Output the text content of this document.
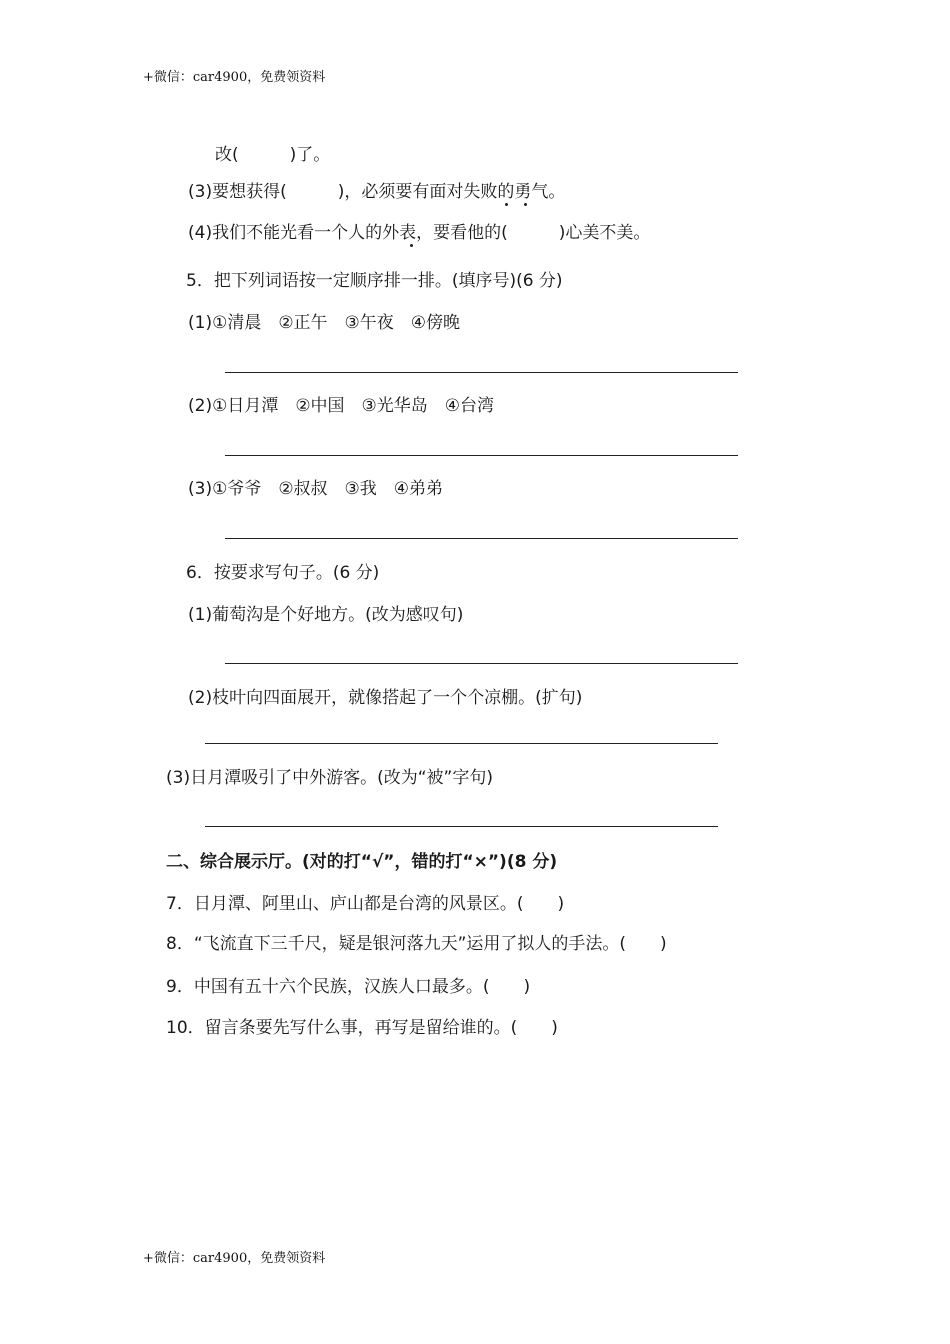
+微信：car4900，免费领资料
改(　　　)了。
(3)要想获得(　　　)，必须要有面对失败的勇气。
(4)我们不能光看一个人的外表，要看他的(　　　)心美不美。
5．把下列词语按一定顺序排一排。(填序号)(6 分)
(1)①清晨　②正午　③午夜　④傍晚
(2)①日月潭　②中国　③光华岛　④台湾
(3)①爷爷　②叔叔　③我　④弟弟
6．按要求写句子。(6 分)
(1)葡萄沟是个好地方。(改为感叹句)
(2)枝叶向四面展开，就像搭起了一个个凉棚。(扩句)
(3)日月潭吸引了中外游客。(改为“被”字句)
二、综合展示厅。(对的打“√”，错的打“×”)(8 分)
7．日月潭、阿里山、庐山都是台湾的风景区。(　　)
8．“飞流直下三千尺，疑是银河落九天”运用了拟人的手法。(　　)
9．中国有五十六个民族，汉族人口最多。(　　)
10．留言条要先写什么事，再写是留给谁的。(　　)
+微信：car4900，免费领资料
